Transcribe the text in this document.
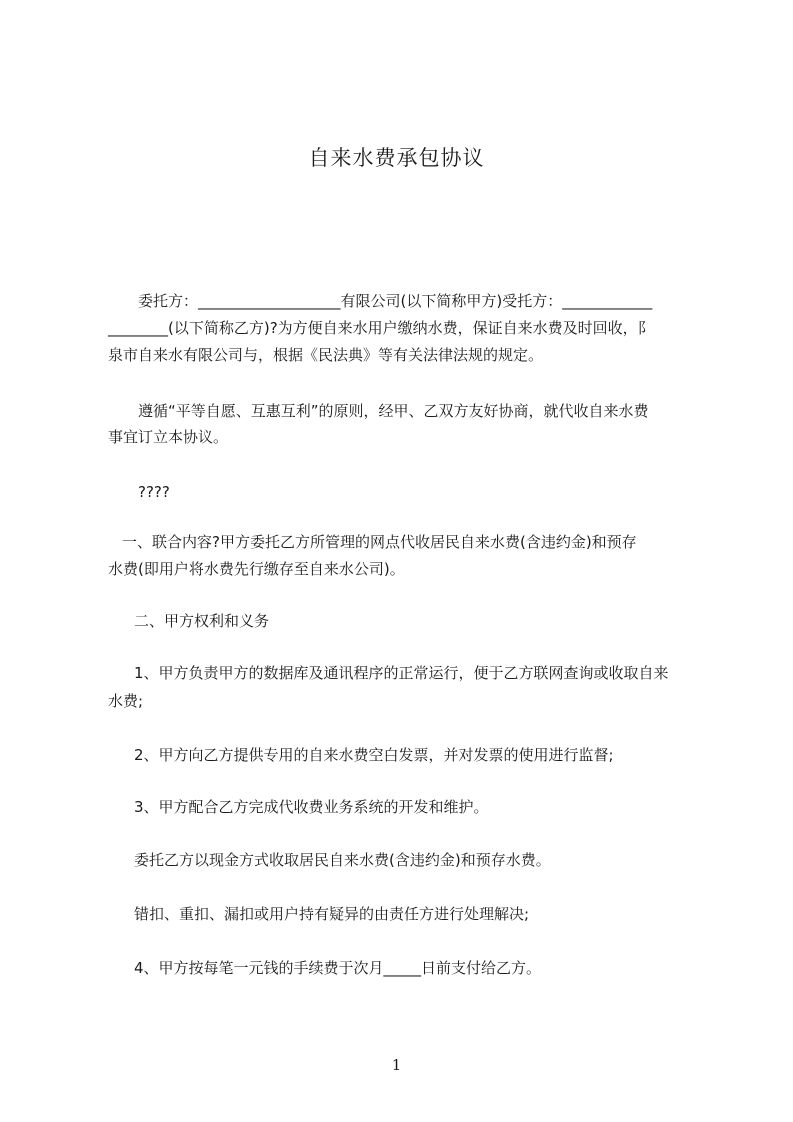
自来水费承包协议
委托方：___________________有限公司(以下简称甲方)受托方：____________
________(以下简称乙方)?为方便自来水用户缴纳水费，保证自来水费及时回收，阝
泉市自来水有限公司与，根据《民法典》等有关法律法规的规定。
遵循“平等自愿、互惠互利”的原则，经甲、乙双方友好协商，就代收自来水费
事宜订立本协议。
????
一、联合内容?甲方委托乙方所管理的网点代收居民自来水费(含违约金)和预存
水费(即用户将水费先行缴存至自来水公司)。
二、甲方权利和义务
1、甲方负责甲方的数据库及通讯程序的正常运行，便于乙方联网查询或收取自来
水费;
2、甲方向乙方提供专用的自来水费空白发票，并对发票的使用进行监督;
3、甲方配合乙方完成代收费业务系统的开发和维护。
委托乙方以现金方式收取居民自来水费(含违约金)和预存水费。
错扣、重扣、漏扣或用户持有疑异的由责任方进行处理解决;
4、甲方按每笔一元钱的手续费于次月_____日前支付给乙方。
1
